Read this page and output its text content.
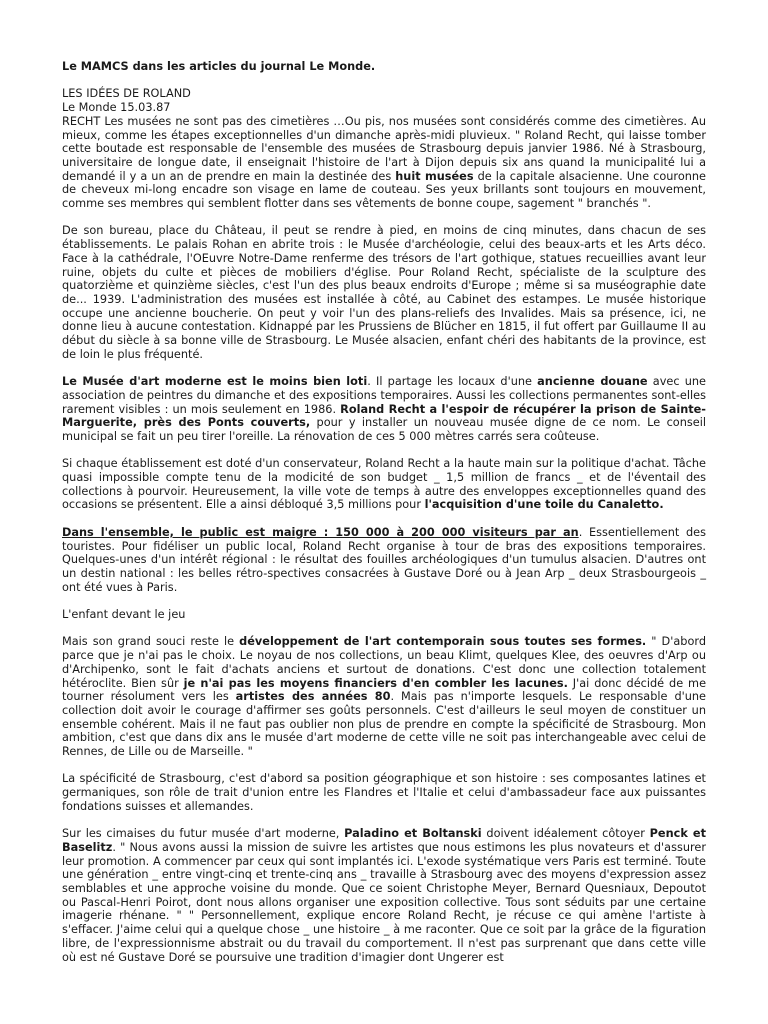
Le MAMCS dans les articles du journal Le Monde.

LES IDÉES DE ROLAND
Le Monde 15.03.87
RECHT Les musées ne sont pas des cimetières …Ou pis, nos musées sont considérés comme des cimetières. Au mieux, comme les étapes exceptionnelles d'un dimanche après-midi pluvieux. " Roland Recht, qui laisse tomber cette boutade est responsable de l'ensemble des musées de Strasbourg depuis janvier 1986. Né à Strasbourg, universitaire de longue date, il enseignait l'histoire de l'art à Dijon depuis six ans quand la municipalité lui a demandé il y a un an de prendre en main la destinée des huit musées de la capitale alsacienne. Une couronne de cheveux mi-long encadre son visage en lame de couteau. Ses yeux brillants sont toujours en mouvement, comme ses membres qui semblent flotter dans ses vêtements de bonne coupe, sagement " branchés ".

De son bureau, place du Château, il peut se rendre à pied, en moins de cinq minutes, dans chacun de ses établissements. Le palais Rohan en abrite trois : le Musée d'archéologie, celui des beaux-arts et les Arts déco. Face à la cathédrale, l'OEuvre Notre-Dame renferme des trésors de l'art gothique, statues recueillies avant leur ruine, objets du culte et pièces de mobiliers d'église. Pour Roland Recht, spécialiste de la sculpture des quatorzième et quinzième siècles, c'est l'un des plus beaux endroits d'Europe ; même si sa muséographie date de... 1939. L'administration des musées est installée à côté, au Cabinet des estampes. Le musée historique occupe une ancienne boucherie. On peut y voir l'un des plans-reliefs des Invalides. Mais sa présence, ici, ne donne lieu à aucune contestation. Kidnappé par les Prussiens de Blücher en 1815, il fut offert par Guillaume II au début du siècle à sa bonne ville de Strasbourg. Le Musée alsacien, enfant chéri des habitants de la province, est de loin le plus fréquenté.

Le Musée d'art moderne est le moins bien loti. Il partage les locaux d'une ancienne douane avec une association de peintres du dimanche et des expositions temporaires. Aussi les collections permanentes sont-elles rarement visibles : un mois seulement en 1986. Roland Recht a l'espoir de récupérer la prison de Sainte-Marguerite, près des Ponts couverts, pour y installer un nouveau musée digne de ce nom. Le conseil municipal se fait un peu tirer l'oreille. La rénovation de ces 5 000 mètres carrés sera coûteuse.

Si chaque établissement est doté d'un conservateur, Roland Recht a la haute main sur la politique d'achat. Tâche quasi impossible compte tenu de la modicité de son budget _ 1,5 million de francs _ et de l'éventail des collections à pourvoir. Heureusement, la ville vote de temps à autre des enveloppes exceptionnelles quand des occasions se présentent. Elle a ainsi débloqué 3,5 millions pour l'acquisition d'une toile du Canaletto.

Dans l'ensemble, le public est maigre : 150 000 à 200 000 visiteurs par an. Essentiellement des touristes. Pour fidéliser un public local, Roland Recht organise à tour de bras des expositions temporaires. Quelques-unes d'un intérêt régional : le résultat des fouilles archéologiques d'un tumulus alsacien. D'autres ont un destin national : les belles rétro-spectives consacrées à Gustave Doré ou à Jean Arp _ deux Strasbourgeois _ ont été vues à Paris.

L'enfant devant le jeu

Mais son grand souci reste le développement de l'art contemporain sous toutes ses formes. " D'abord parce que je n'ai pas le choix. Le noyau de nos collections, un beau Klimt, quelques Klee, des oeuvres d'Arp ou d'Archipenko, sont le fait d'achats anciens et surtout de donations. C'est donc une collection totalement hétéroclite. Bien sûr je n'ai pas les moyens financiers d'en combler les lacunes. J'ai donc décidé de me tourner résolument vers les artistes des années 80. Mais pas n'importe lesquels. Le responsable d'une collection doit avoir le courage d'affirmer ses goûts personnels. C'est d'ailleurs le seul moyen de constituer un ensemble cohérent. Mais il ne faut pas oublier non plus de prendre en compte la spécificité de Strasbourg. Mon ambition, c'est que dans dix ans le musée d'art moderne de cette ville ne soit pas interchangeable avec celui de Rennes, de Lille ou de Marseille. "

La spécificité de Strasbourg, c'est d'abord sa position géographique et son histoire : ses composantes latines et germaniques, son rôle de trait d'union entre les Flandres et l'Italie et celui d'ambassadeur face aux puissantes fondations suisses et allemandes.

Sur les cimaises du futur musée d'art moderne, Paladino et Boltanski doivent idéalement côtoyer Penck et Baselitz. " Nous avons aussi la mission de suivre les artistes que nous estimons les plus novateurs et d'assurer leur promotion. A commencer par ceux qui sont implantés ici. L'exode systématique vers Paris est terminé. Toute une génération _ entre vingt-cinq et trente-cinq ans _ travaille à Strasbourg avec des moyens d'expression assez semblables et une approche voisine du monde. Que ce soient Christophe Meyer, Bernard Quesniaux, Depoutot ou Pascal-Henri Poirot, dont nous allons organiser une exposition collective. Tous sont séduits par une certaine imagerie rhénane. " " Personnellement, explique encore Roland Recht, je récuse ce qui amène l'artiste à s'effacer. J'aime celui qui a quelque chose _ une histoire _ à me raconter. Que ce soit par la grâce de la figuration libre, de l'expressionnisme abstrait ou du travail du comportement. Il n'est pas surprenant que dans cette ville où est né Gustave Doré se poursuive une tradition d'imagier dont Ungerer est
